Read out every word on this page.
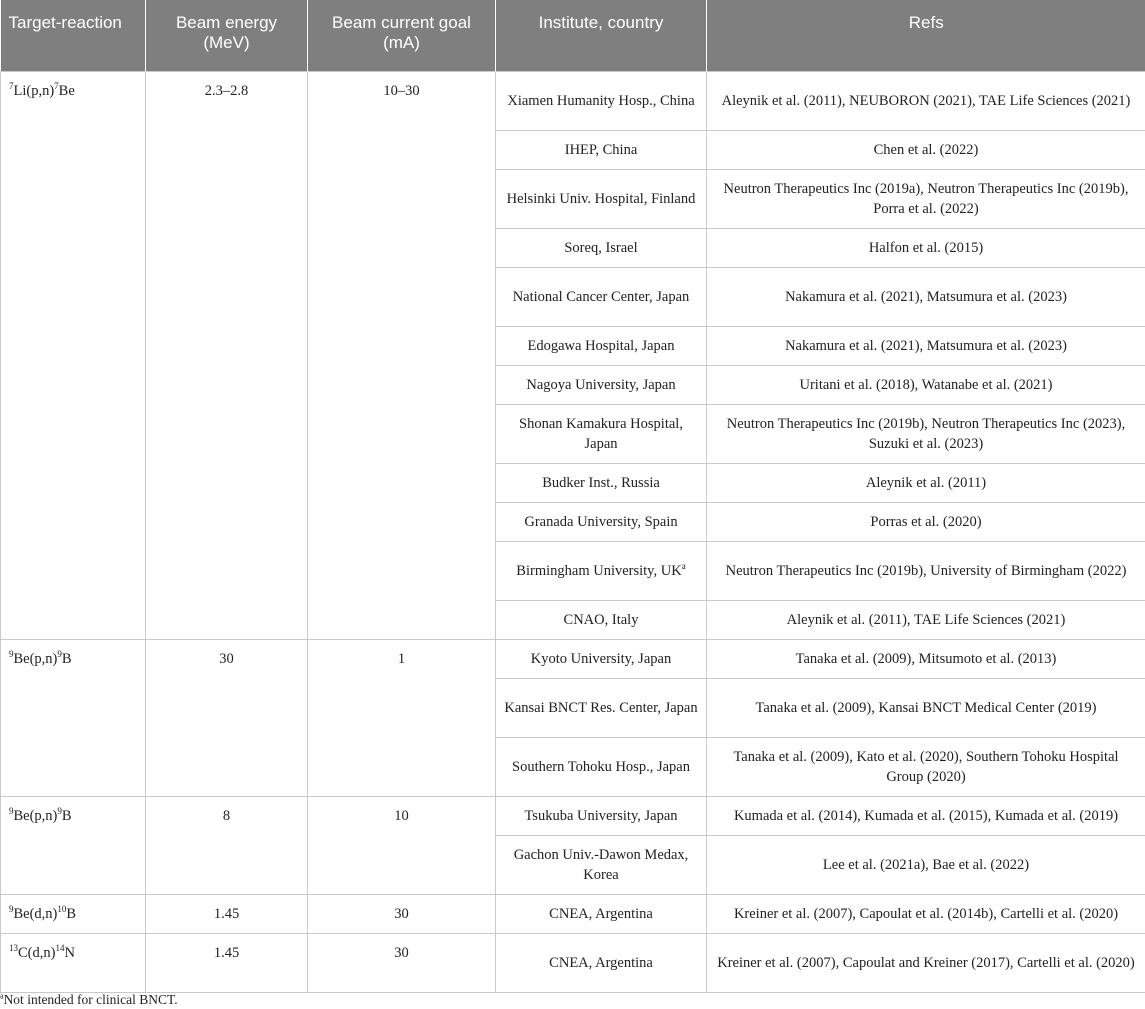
Target-reaction	Beam energy (MeV)	Beam current goal (mA)	Institute, country	Refs
$^7Li(p,n)^7Be$	2.3–2.8	10–30	Xiamen Humanity Hosp., China	Aleynik et al. (2011), NEUBORON (2021), TAE Life Sciences (2021)
			IHEP, China	Chen et al. (2022)
			Helsinki Univ. Hospital, Finland	Neutron Therapeutics Inc (2019a), Neutron Therapeutics Inc (2019b), Porra et al. (2022)
			Soreq, Israel	Halfon et al. (2015)
			National Cancer Center, Japan	Nakamura et al. (2021), Matsumura et al. (2023)
			Edogawa Hospital, Japan	Nakamura et al. (2021), Matsumura et al. (2023)
			Nagoya University, Japan	Uritani et al. (2018), Watanabe et al. (2021)
			Shonan Kamakura Hospital, Japan	Neutron Therapeutics Inc (2019b), Neutron Therapeutics Inc (2023), Suzuki et al. (2023)
			Budker Inst., Russia	Aleynik et al. (2011)
			Granada University, Spain	Porras et al. (2020)
			Birmingham University, $UK^a$	Neutron Therapeutics Inc (2019b), University of Birmingham (2022)
			CNAO, Italy	Aleynik et al. (2011), TAE Life Sciences (2021)
$^9Be(p,n)^9B$	30	1	Kyoto University, Japan	Tanaka et al. (2009), Mitsumoto et al. (2013)
			Kansai BNCT Res. Center, Japan	Tanaka et al. (2009), Kansai BNCT Medical Center (2019)
			Southern Tohoku Hosp., Japan	Tanaka et al. (2009), Kato et al. (2020), Southern Tohoku Hospital Group (2020)
$^9Be(p,n)^9B$	8	10	Tsukuba University, Japan	Kumada et al. (2014), Kumada et al. (2015), Kumada et al. (2019)
			Gachon Univ.-Dawon Medax, Korea	Lee et al. (2021a), Bae et al. (2022)
$^9Be(d,n)^{10}B$	1.45	30	CNEA, Argentina	Kreiner et al. (2007), Capoulat et al. (2014b), Cartelli et al. (2020)
$^{13}C(d,n)^{14}N$	1.45	30	CNEA, Argentina	Kreiner et al. (2007), Capoulat and Kreiner (2017), Cartelli et al. (2020)
$^a$Not intended for clinical BNCT.
